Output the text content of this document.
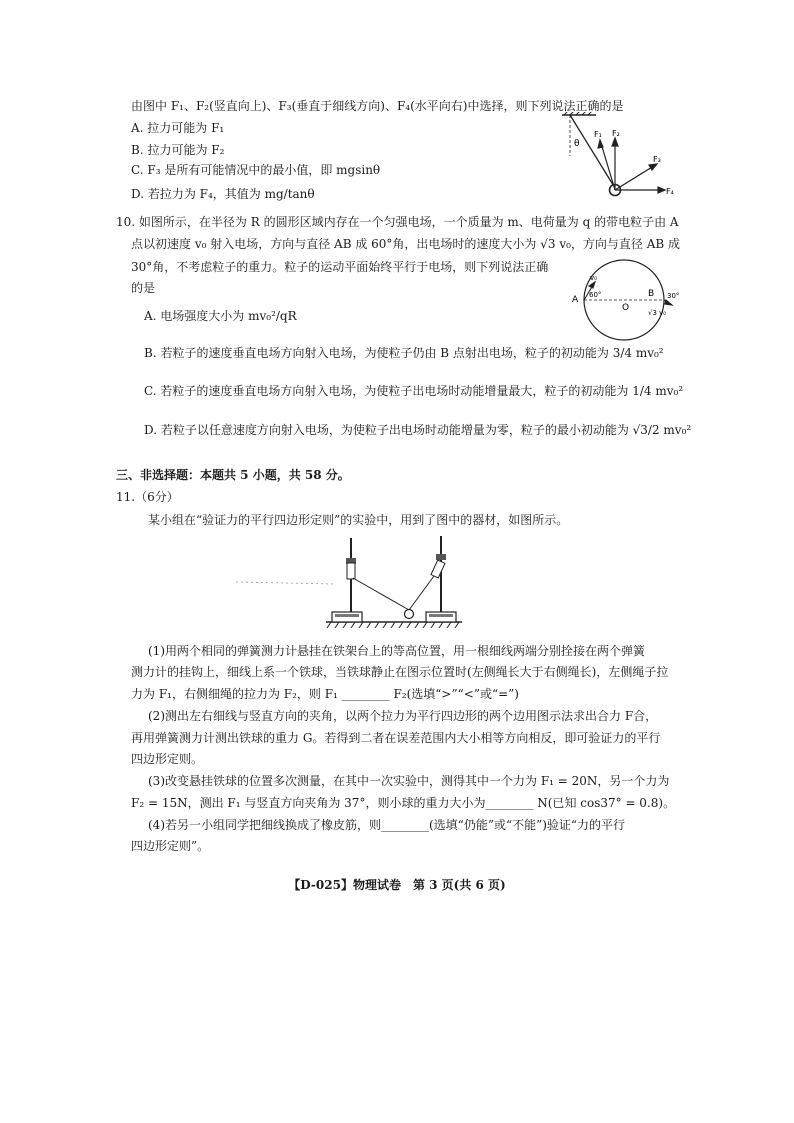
由图中 F₁、F₂(竖直向上)、F₃(垂直于细线方向)、F₄(水平向右)中选择，则下列说法正确的是
A. 拉力可能为 F₁
B. 拉力可能为 F₂
C. F₃ 是所有可能情况中的最小值，即 mgsinθ
D. 若拉力为 F₄，其值为 mg/tanθ
θ
F₁ F₂
F₃
F₄
10. 如图所示，在半径为 R 的圆形区域内存在一个匀强电场，一个质量为 m、电荷量为 q 的带电粒子由 A
点以初速度 v₀ 射入电场，方向与直径 AB 成 60°角，出电场时的速度大小为 √3 v₀，方向与直径 AB 成
30°角，不考虑粒子的重力。粒子的运动平面始终平行于电场，则下列说法正确
的是
A. 电场强度大小为 mv₀²/qR
B. 若粒子的速度垂直电场方向射入电场，为使粒子仍由 B 点射出电场，粒子的初动能为 3/4 mv₀²
C. 若粒子的速度垂直电场方向射入电场，为使粒子出电场时动能增量最大，粒子的初动能为 1/4 mv₀²
D. 若粒子以任意速度方向射入电场，为使粒子出电场时动能增量为零，粒子的最小初动能为 √3/2 mv₀²
A
B
O
v₀
60°	30°
√3 v₀
三、非选择题：本题共 5 小题，共 58 分。
11.（6分）
某小组在“验证力的平行四边形定则”的实验中，用到了图中的器材，如图所示。
(1)用两个相同的弹簧测力计悬挂在铁架台上的等高位置，用一根细线两端分别拴接在两个弹簧
测力计的挂钩上，细线上系一个铁球，当铁球静止在图示位置时(左侧绳长大于右侧绳长)，左侧绳子拉
力为 F₁，右侧细绳的拉力为 F₂，则 F₁ ________ F₂(选填“>”“<”或“=”)
(2)测出左右细线与竖直方向的夹角，以两个拉力为平行四边形的两个边用图示法求出合力 F合，
再用弹簧测力计测出铁球的重力 G。若得到二者在误差范围内大小相等方向相反，即可验证力的平行
四边形定则。
(3)改变悬挂铁球的位置多次测量，在其中一次实验中，测得其中一个力为 F₁ = 20N，另一个力为
F₂ = 15N，测出 F₁ 与竖直方向夹角为 37°，则小球的重力大小为________ N(已知 cos37° = 0.8)。
(4)若另一小组同学把细线换成了橡皮筋，则________(选填“仍能”或“不能”)验证“力的平行
四边形定则”。
【D-025】物理试卷　第 3 页(共 6 页)
